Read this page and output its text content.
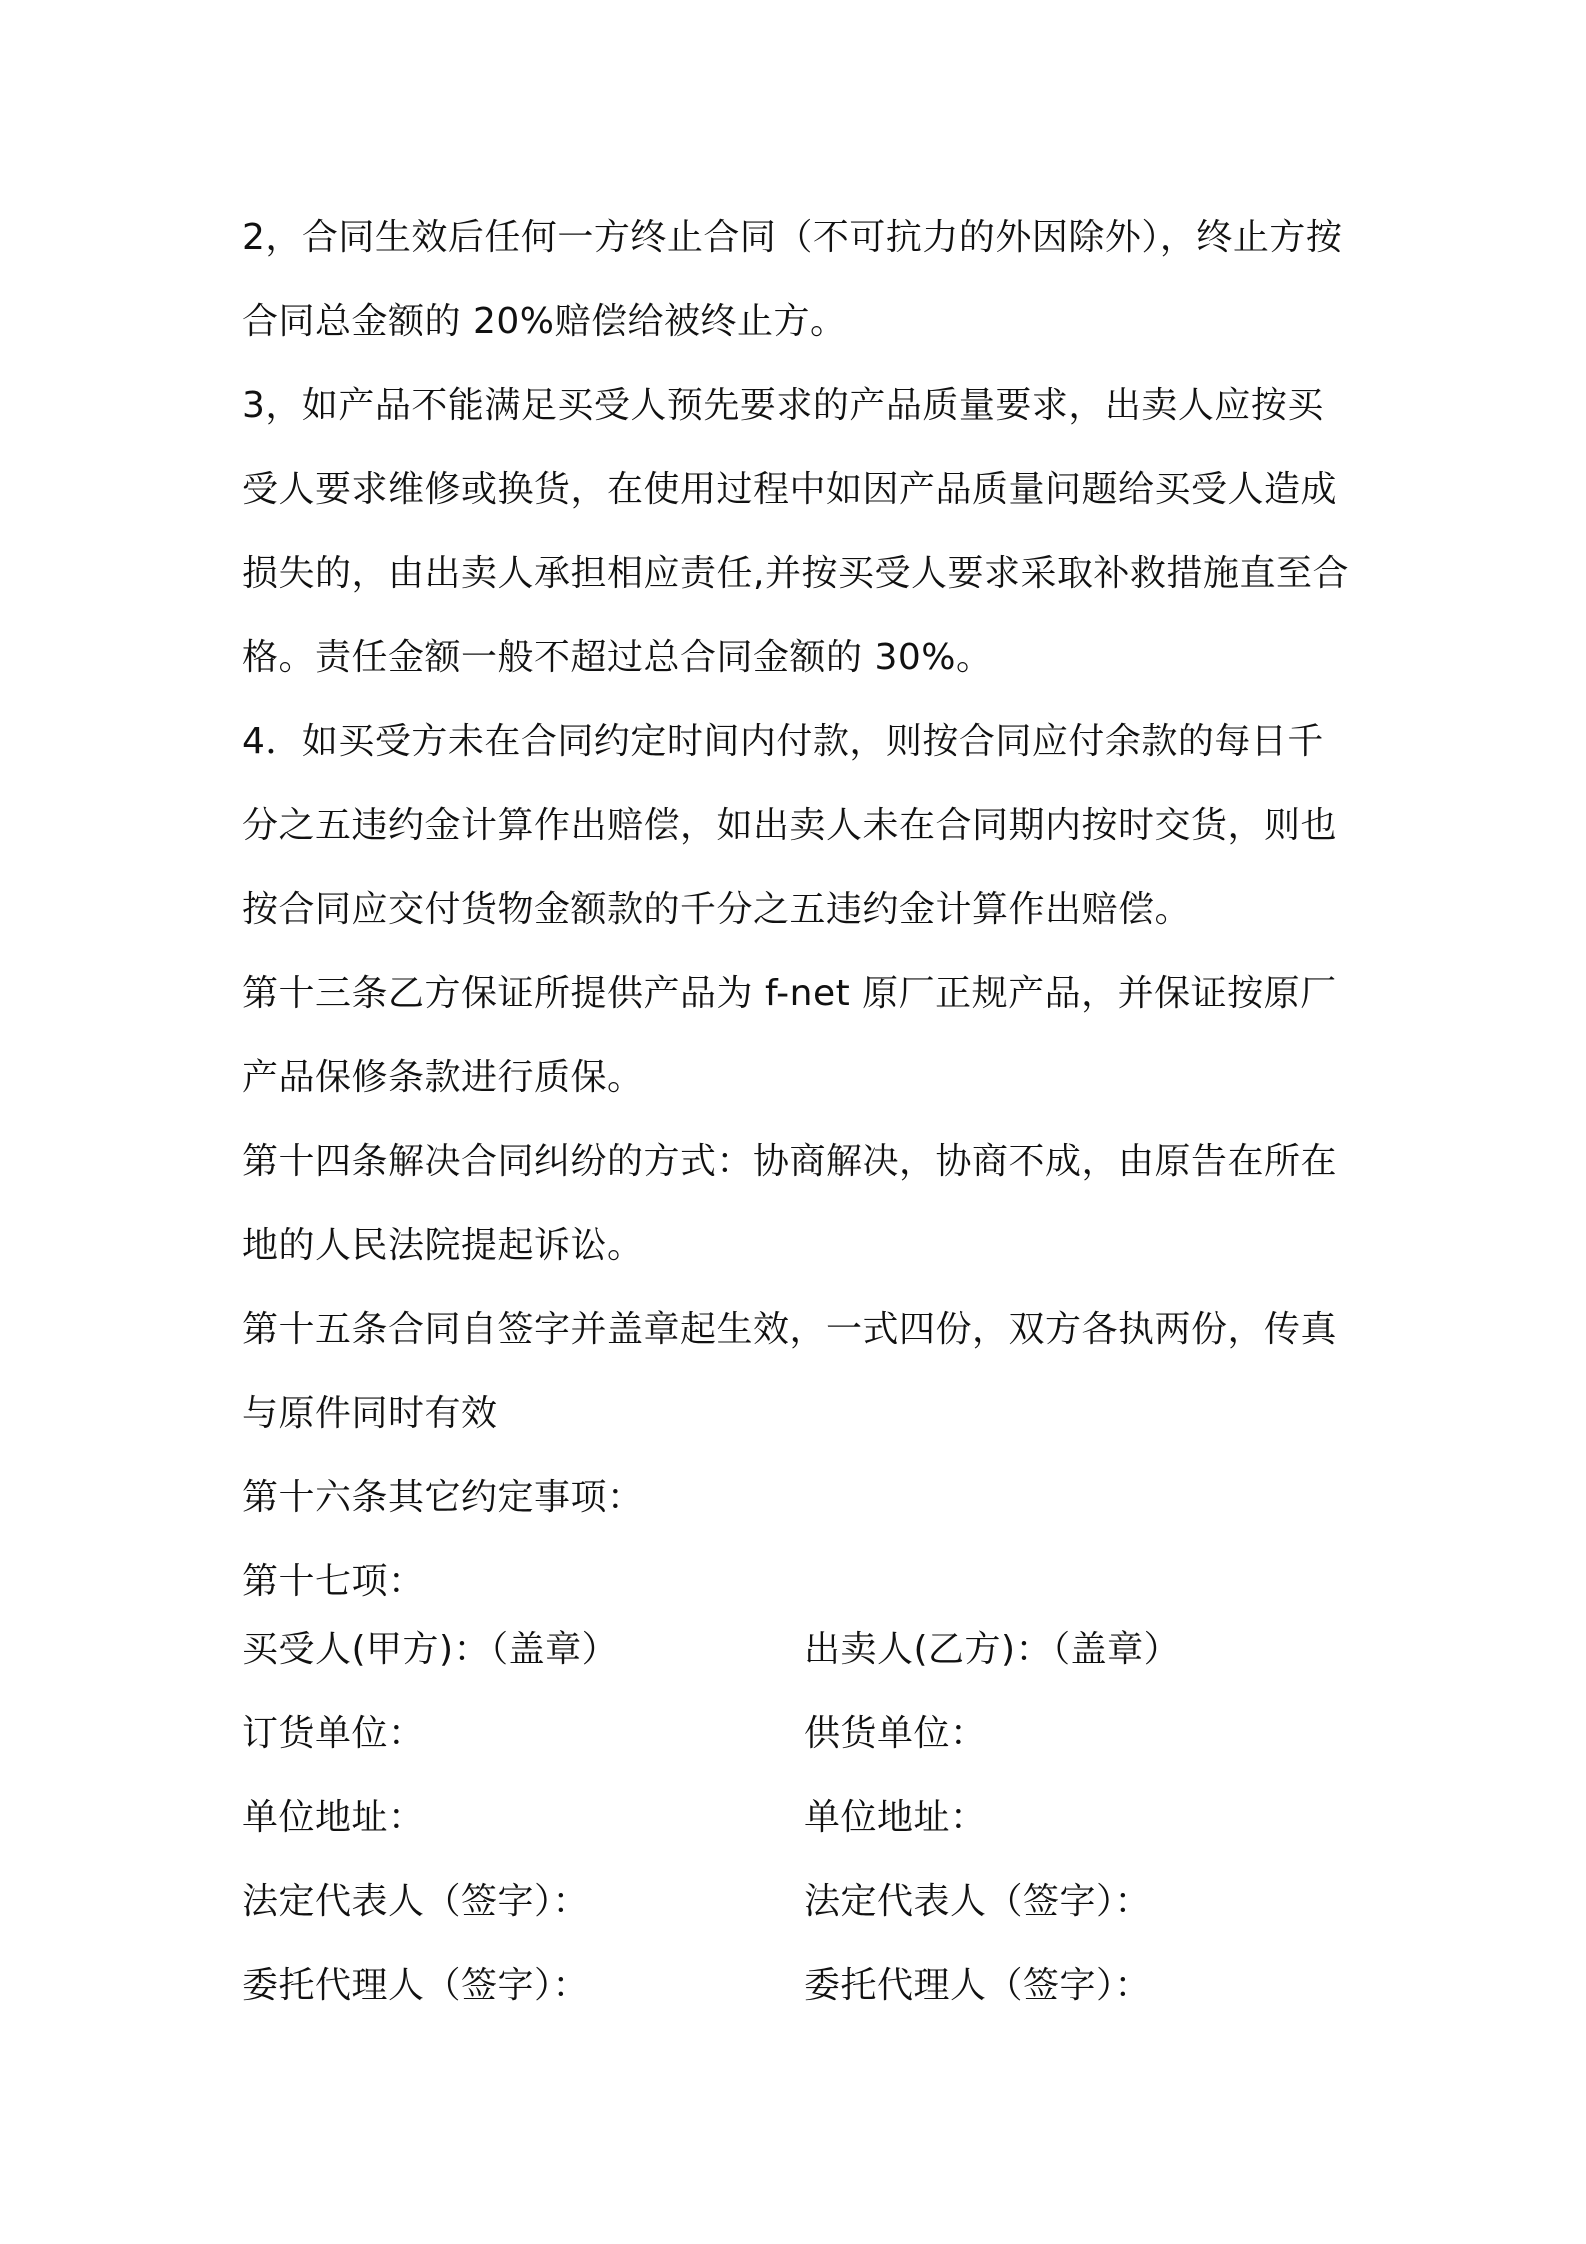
2，合同生效后任何一方终止合同（不可抗力的外因除外），终止方按合同总金额的 20%赔偿给被终止方。

3，如产品不能满足买受人预先要求的产品质量要求，出卖人应按买受人要求维修或换货，在使用过程中如因产品质量问题给买受人造成损失的，由出卖人承担相应责任,并按买受人要求采取补救措施直至合格。责任金额一般不超过总合同金额的 30%。

4．如买受方未在合同约定时间内付款，则按合同应付余款的每日千分之五违约金计算作出赔偿，如出卖人未在合同期内按时交货，则也按合同应交付货物金额款的千分之五违约金计算作出赔偿。

第十三条乙方保证所提供产品为 f-net 原厂正规产品，并保证按原厂产品保修条款进行质保。

第十四条解决合同纠纷的方式：协商解决，协商不成，由原告在所在地的人民法院提起诉讼。

第十五条合同自签字并盖章起生效，一式四份，双方各执两份，传真与原件同时有效

第十六条其它约定事项：

第十七项：

买受人(甲方)：（盖章）	出卖人(乙方)：（盖章）
订货单位：	供货单位：
单位地址：	单位地址：
法定代表人（签字）：	法定代表人（签字）：
委托代理人（签字）：	委托代理人（签字）：
